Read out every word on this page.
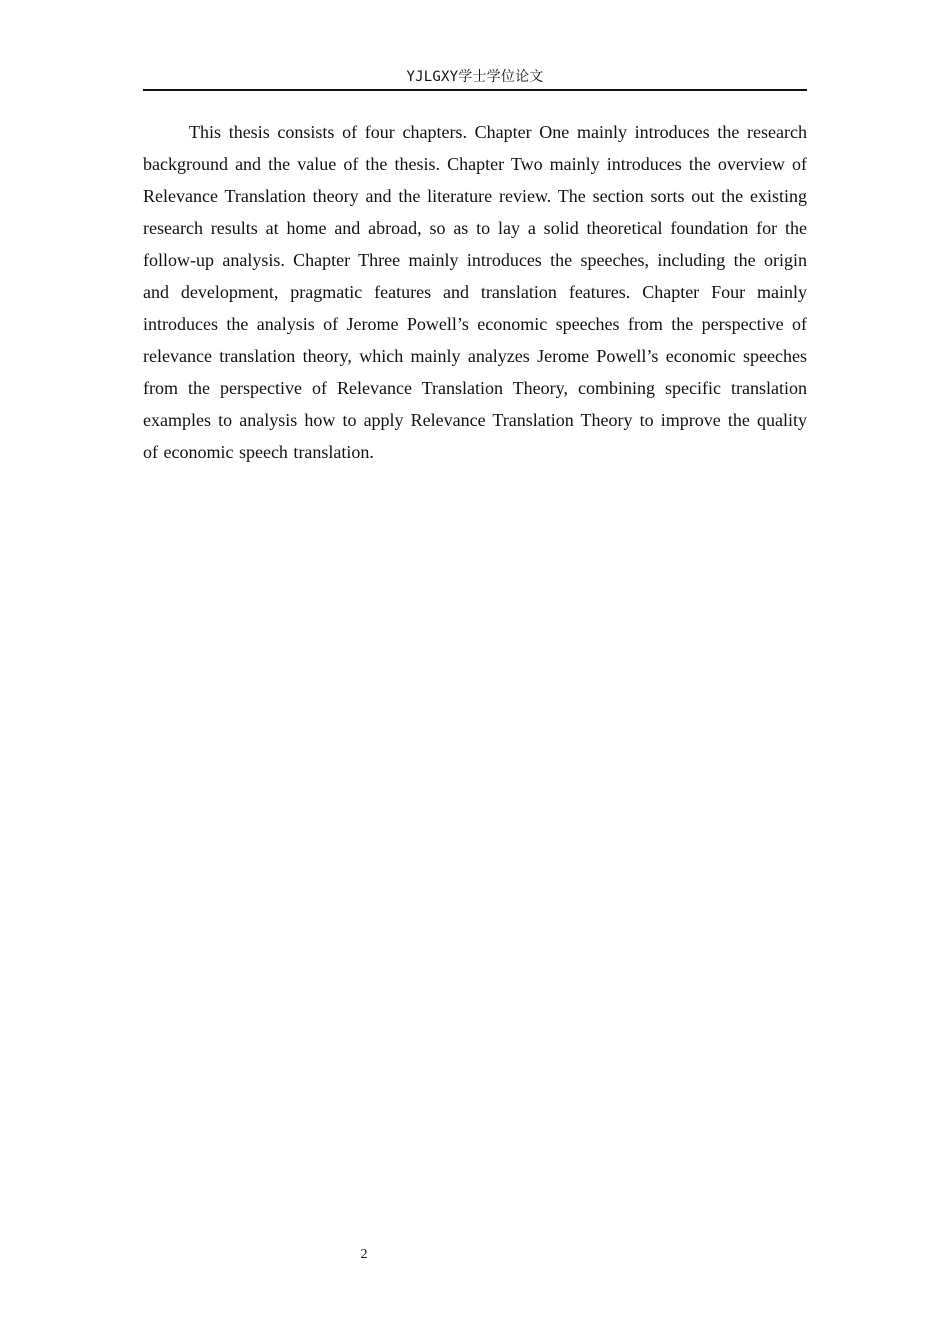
YJLGXY学士学位论文

This thesis consists of four chapters. Chapter One mainly introduces the research background and the value of the thesis. Chapter Two mainly introduces the overview of Relevance Translation theory and the literature review. The section sorts out the existing research results at home and abroad, so as to lay a solid theoretical foundation for the follow-up analysis. Chapter Three mainly introduces the speeches, including the origin and development, pragmatic features and translation features. Chapter Four mainly introduces the analysis of Jerome Powell’s economic speeches from the perspective of relevance translation theory, which mainly analyzes Jerome Powell’s economic speeches from the perspective of Relevance Translation Theory, combining specific translation examples to analysis how to apply Relevance Translation Theory to improve the quality of economic speech translation.

2
